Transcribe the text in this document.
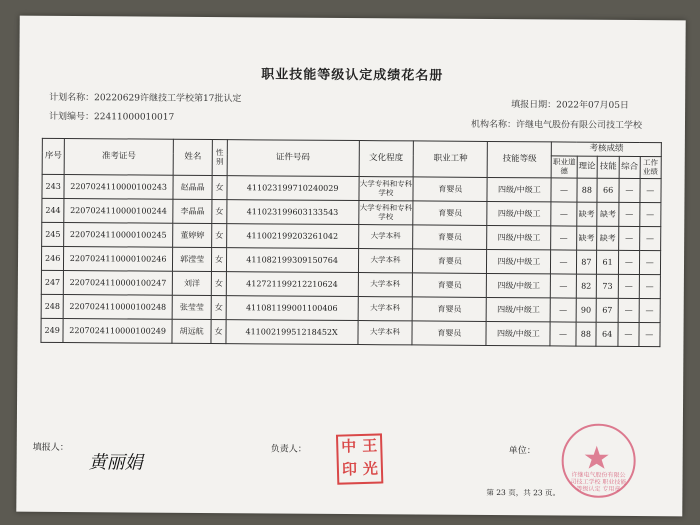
职业技能等级认定成绩花名册
计划名称：20220629许继技工学校第17批认定
填报日期：2022年07月05日
计划编号：22411000010017
机构名称：许继电气股份有限公司技工学校
序号	准考证号	姓名	性别	证件号码	文化程度	职业工种	技能等级	考核成绩				
								职业道德	理论	技能	综合	工作业绩
243	2207024110000100243	赵晶晶	女	411023199710240029	大学专科和专科学校	育婴员	四级/中级工	—	88	66	—	—
244	2207024110000100244	李晶晶	女	411023199603133543	大学专科和专科学校	育婴员	四级/中级工	—	缺考	缺考	—	—
245	2207024110000100245	董婷婷	女	411002199203261042	大学本科	育婴员	四级/中级工	—	缺考	缺考	—	—
246	2207024110000100246	郭滢莹	女	411082199309150764	大学本科	育婴员	四级/中级工	—	87	61	—	—
247	2207024110000100247	刘洋	女	412721199212210624	大学本科	育婴员	四级/中级工	—	82	73	—	—
248	2207024110000100248	张莹莹	女	411081199001100406	大学本科	育婴员	四级/中级工	—	90	67	—	—
249	2207024110000100249	胡远航	女	41100219951218452X	大学本科	育婴员	四级/中级工	—	88	64	—	—
填报人：
黄丽娟
负责人： 中 王
印 光
单位：
许继电气股份有限公司技工学校 职业技能等级认定 专用章
第 23 页，共 23 页。
